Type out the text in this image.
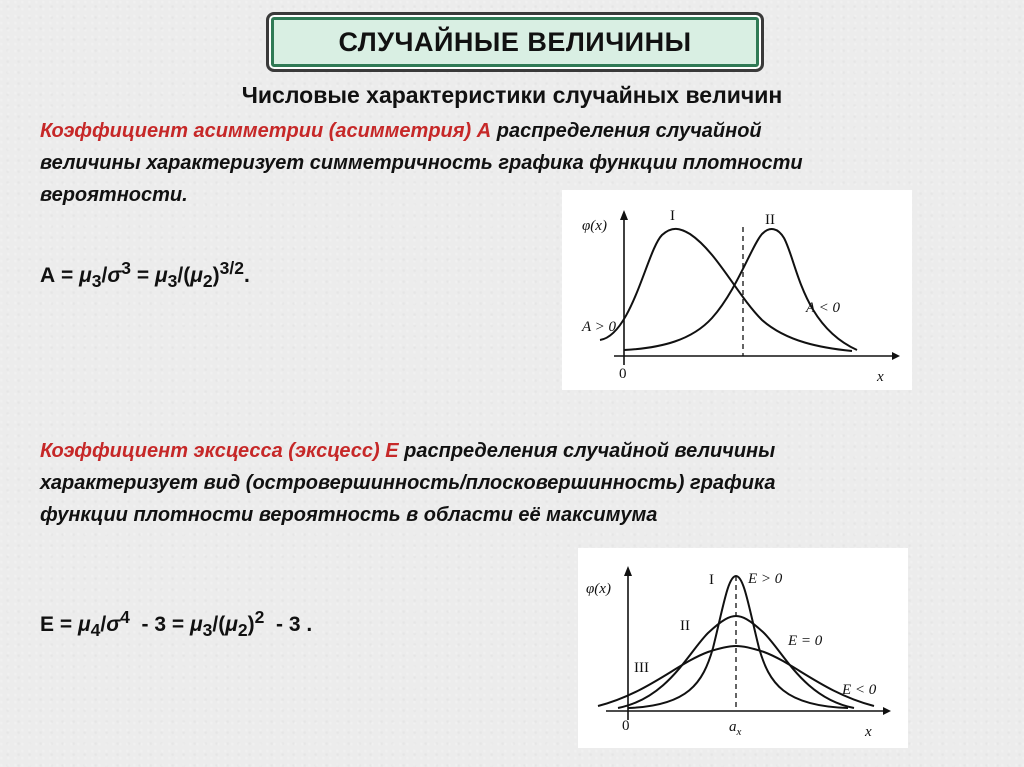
СЛУЧАЙНЫЕ ВЕЛИЧИНЫ
Числовые характеристики случайных величин
Коэффициент асимметрии (асимметрия) А распределения случайной
величины характеризует симметричность графика функции плотности
вероятности.
$А = \mu_3/\sigma^3 = \mu_3/(\mu_2)^{3/2}$.
φ(x)
x
0
I	II
A > 0
A < 0
Коэффициент эксцесса (эксцесс) Е распределения случайной величины
характеризует вид (островершинность/плосковершинность) графика
функции плотности вероятность в области её максимума
$Е = \mu_4/\sigma^4 - 3 = \mu_3/(\mu_2)^2 - 3$ .
φ(x)
x
0
I
II
III
E > 0
E = 0
E < 0
$a_x$
